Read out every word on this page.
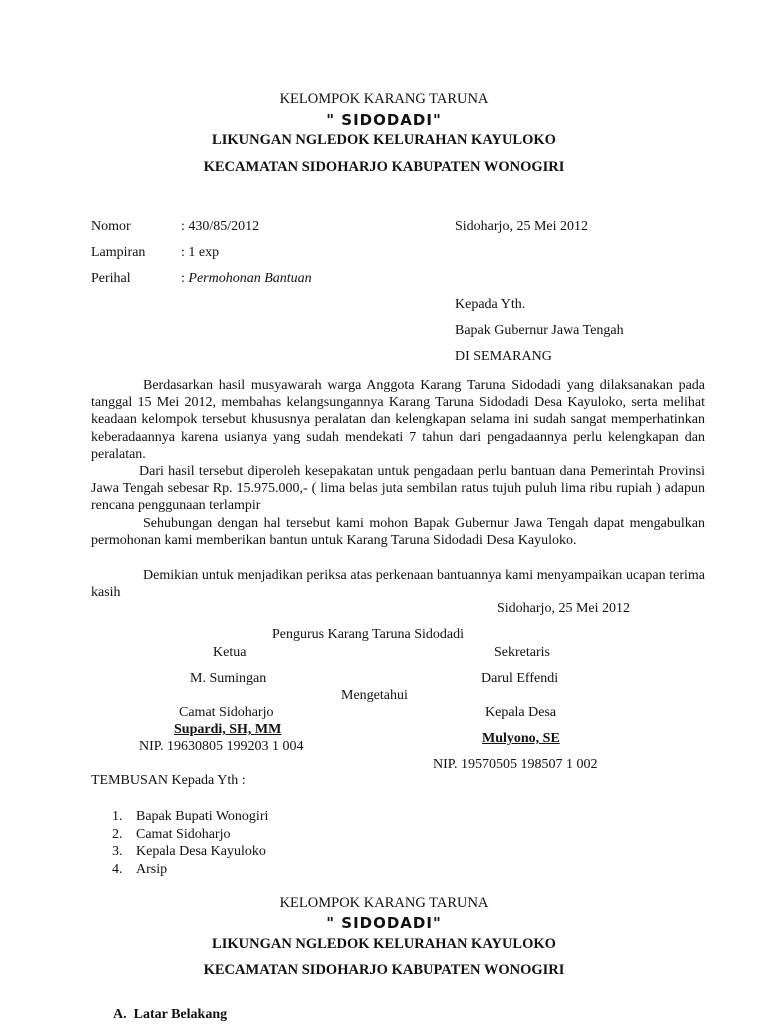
KELOMPOK KARANG TARUNA
" SIDODADI"
LIKUNGAN NGLEDOK KELURAHAN KAYULOKO
KECAMATAN SIDOHARJO KABUPATEN WONOGIRI
Nomor	: 430/85/2012	Sidoharjo, 25 Mei 2012
Lampiran	: 1 exp
Perihal	: Permohonan Bantuan
Kepada Yth.
Bapak Gubernur Jawa Tengah
DI SEMARANG
Berdasarkan hasil musyawarah warga Anggota Karang Taruna Sidodadi yang dilaksanakan pada tanggal 15 Mei 2012, membahas kelangsungannya Karang Taruna Sidodadi Desa Kayuloko, serta melihat keadaan kelompok tersebut khususnya peralatan dan kelengkapan selama ini sudah sangat memperhatinkan keberadaannya karena usianya yang sudah mendekati 7 tahun dari pengadaannya perlu kelengkapan dan peralatan.
Dari hasil tersebut diperoleh kesepakatan untuk pengadaan perlu bantuan dana Pemerintah Provinsi Jawa Tengah sebesar Rp. 15.975.000,- ( lima belas juta sembilan ratus tujuh puluh lima ribu rupiah ) adapun rencana penggunaan terlampir
Sehubungan dengan hal tersebut kami mohon Bapak Gubernur Jawa Tengah dapat mengabulkan permohonan kami memberikan bantun untuk Karang Taruna Sidodadi Desa Kayuloko.
Demikian untuk menjadikan periksa atas perkenaan bantuannya kami menyampaikan ucapan terima kasih
Sidoharjo, 25 Mei 2012
Pengurus Karang Taruna Sidodadi
Ketua	Sekretaris
M. Sumingan	Darul Effendi
Mengetahui
Camat Sidoharjo	Kepala Desa
Supardi, SH, MM
Mulyono, SE
NIP. 19630805 199203 1 004
NIP. 19570505 198507 1 002
TEMBUSAN Kepada Yth :
1. Bapak Bupati Wonogiri
2. Camat Sidoharjo
3. Kepala Desa Kayuloko
4. Arsip
KELOMPOK KARANG TARUNA
" SIDODADI"
LIKUNGAN NGLEDOK KELURAHAN KAYULOKO
KECAMATAN SIDOHARJO KABUPATEN WONOGIRI
A. Latar Belakang
